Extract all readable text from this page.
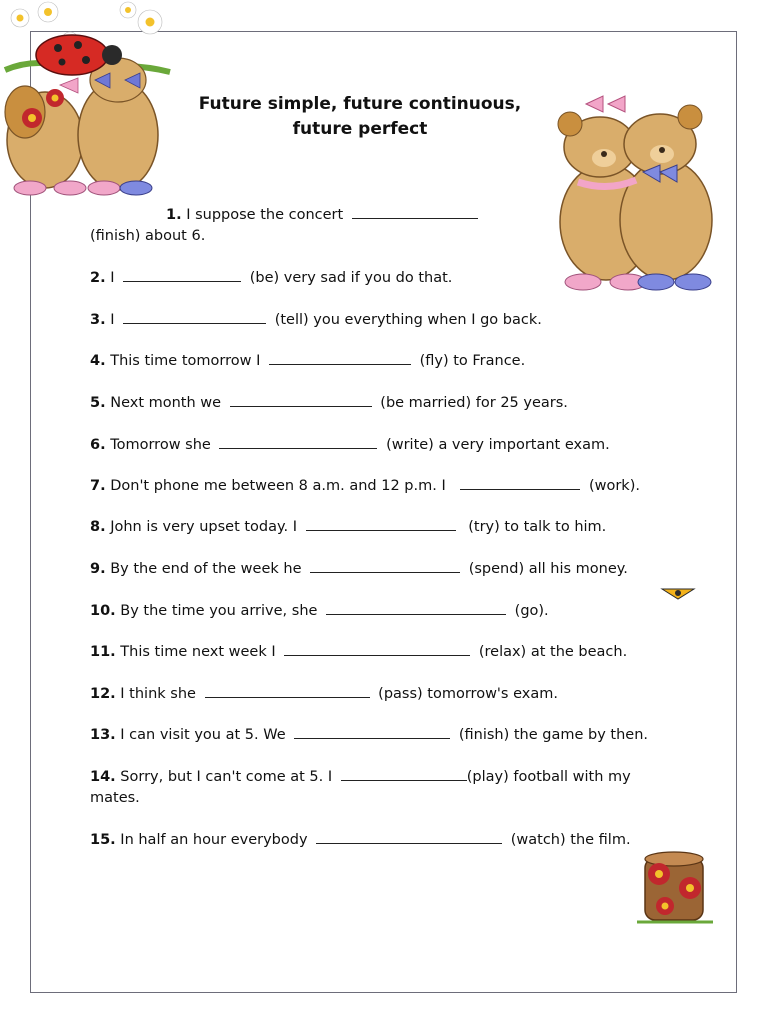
Future simple, future continuous,
future perfect
1. I suppose the concert
(finish) about 6.
2. I	(be) very sad if you do that.
3. I	(tell) you everything when I go back.
4. This time tomorrow I	(fly) to France.
5. Next month we	(be married) for 25 years.
6. Tomorrow she	(write) a very important exam.
7. Don't phone me between 8 a.m. and 12 p.m. I	(work).
8. John is very upset today. I	(try) to talk to him.
9. By the end of the week he	(spend) all his money.
10. By the time you arrive, she	(go).
11. This time next week I	(relax) at the beach.
12. I think she	(pass) tomorrow's exam.
13. I can visit you at 5. We	(finish) the game by then.
14. Sorry, but I can't come at 5. I	(play) football with my
mates.
15. In half an hour everybody	(watch) the film.
